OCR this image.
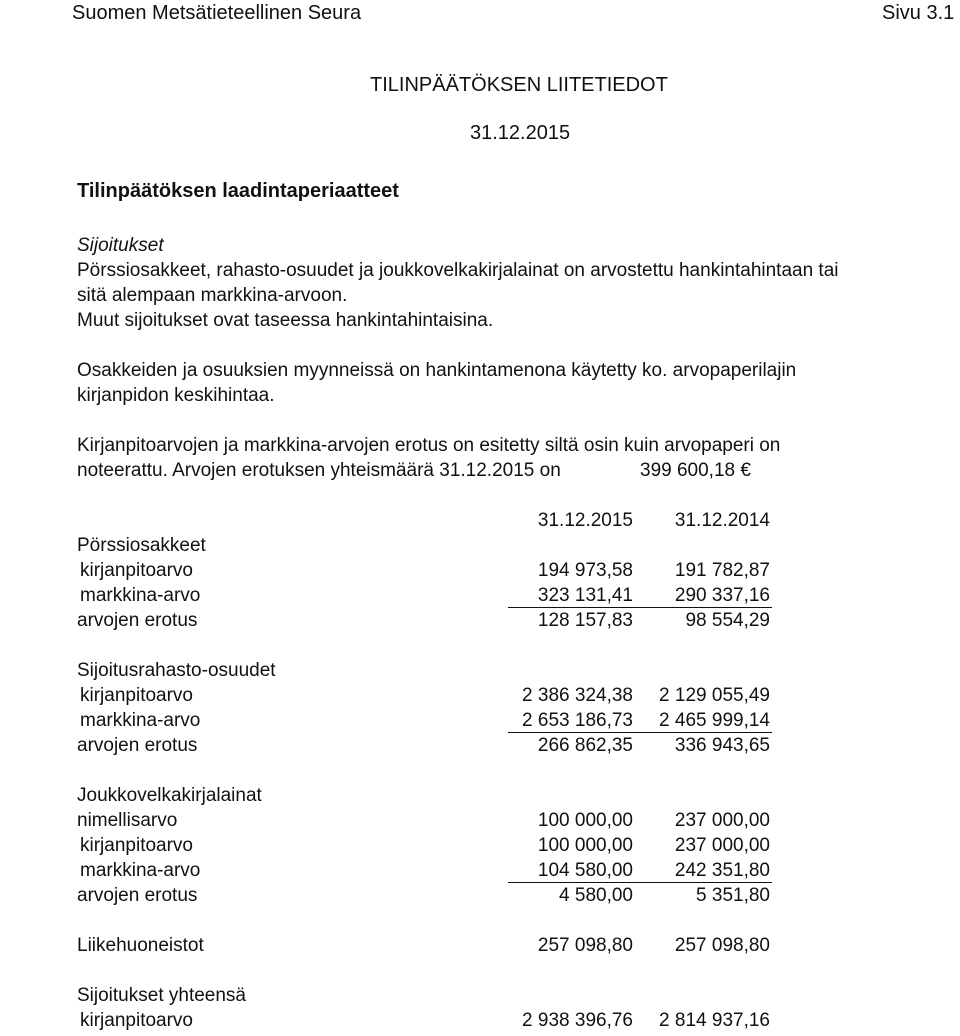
Suomen Metsätieteellinen Seura	Sivu 3.1
TILINPÄÄTÖKSEN LIITETIEDOT
31.12.2015
Tilinpäätöksen laadintaperiaatteet
Sijoitukset
Pörssiosakkeet, rahasto-osuudet ja joukkovelkakirjalainat on arvostettu hankintahintaan tai
sitä alempaan markkina-arvoon.
Muut sijoitukset ovat taseessa hankintahintaisina.
Osakkeiden ja osuuksien myynneissä on hankintamenona käytetty ko. arvopaperilajin
kirjanpidon keskihintaa.
Kirjanpitoarvojen ja markkina-arvojen erotus on esitetty siltä osin kuin arvopaperi on
noteerattu. Arvojen erotuksen yhteismäärä 31.12.2015 on	399 600,18 €
31.12.2015	31.12.2014
Pörssiosakkeet
kirjanpitoarvo	194 973,58	191 782,87
markkina-arvo	323 131,41	290 337,16
arvojen erotus	128 157,83	98 554,29
Sijoitusrahasto-osuudet
kirjanpitoarvo	2 386 324,38	2 129 055,49
markkina-arvo	2 653 186,73	2 465 999,14
arvojen erotus	266 862,35	336 943,65
Joukkovelkakirjalainat
nimellisarvo	100 000,00	237 000,00
kirjanpitoarvo	100 000,00	237 000,00
markkina-arvo	104 580,00	242 351,80
arvojen erotus	4 580,00	5 351,80
Liikehuoneistot	257 098,80	257 098,80
Sijoitukset yhteensä
kirjanpitoarvo	2 938 396,76	2 814 937,16
